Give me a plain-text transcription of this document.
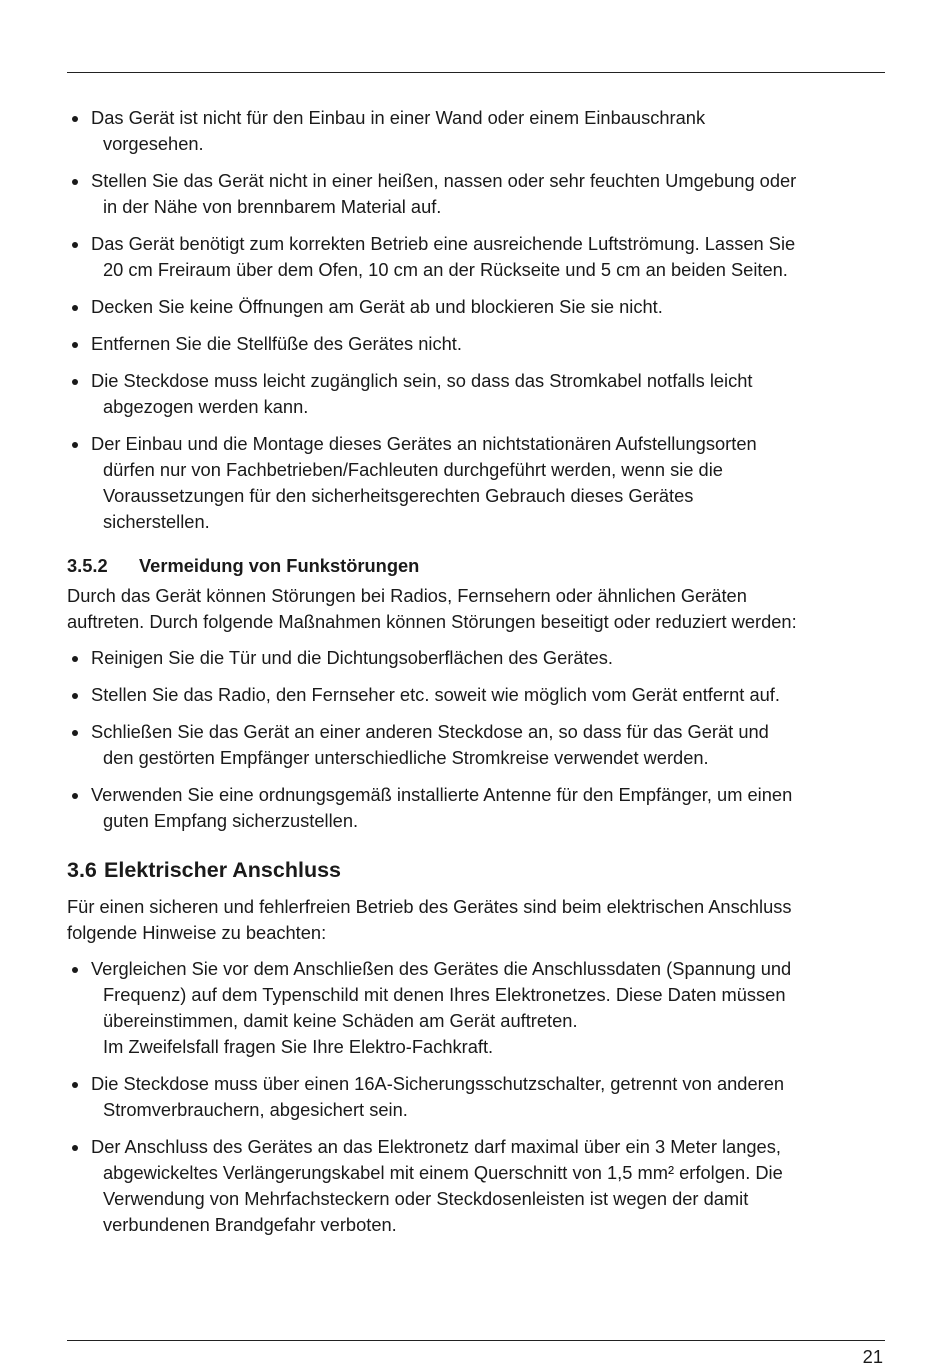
Das Gerät ist nicht für den Einbau in einer Wand oder einem Einbauschrank
vorgesehen.
Stellen Sie das Gerät nicht in einer heißen, nassen oder sehr feuchten Umgebung oder
in der Nähe von brennbarem Material auf.
Das Gerät benötigt zum korrekten Betrieb eine ausreichende Luftströmung. Lassen Sie
20 cm Freiraum über dem Ofen, 10 cm an der Rückseite und 5 cm an beiden Seiten.
Decken Sie keine Öffnungen am Gerät ab und blockieren Sie sie nicht.
Entfernen Sie die Stellfüße des Gerätes nicht.
Die Steckdose muss leicht zugänglich sein, so dass das Stromkabel notfalls leicht
abgezogen werden kann.
Der Einbau und die Montage dieses Gerätes an nichtstationären Aufstellungsorten
dürfen nur von Fachbetrieben/Fachleuten durchgeführt werden, wenn sie die
Voraussetzungen für den sicherheitsgerechten Gebrauch dieses Gerätes
sicherstellen.
3.5.2 Vermeidung von Funkstörungen

Durch das Gerät können Störungen bei Radios, Fernsehern oder ähnlichen Geräten
auftreten. Durch folgende Maßnahmen können Störungen beseitigt oder reduziert werden:

Reinigen Sie die Tür und die Dichtungsoberflächen des Gerätes.
Stellen Sie das Radio, den Fernseher etc. soweit wie möglich vom Gerät entfernt auf.
Schließen Sie das Gerät an einer anderen Steckdose an, so dass für das Gerät und
den gestörten Empfänger unterschiedliche Stromkreise verwendet werden.
Verwenden Sie eine ordnungsgemäß installierte Antenne für den Empfänger, um einen
guten Empfang sicherzustellen.
3.6 Elektrischer Anschluss

Für einen sicheren und fehlerfreien Betrieb des Gerätes sind beim elektrischen Anschluss
folgende Hinweise zu beachten:

Vergleichen Sie vor dem Anschließen des Gerätes die Anschlussdaten (Spannung und
Frequenz) auf dem Typenschild mit denen Ihres Elektronetzes. Diese Daten müssen
übereinstimmen, damit keine Schäden am Gerät auftreten.
Im Zweifelsfall fragen Sie Ihre Elektro-Fachkraft.
Die Steckdose muss über einen 16A-Sicherungsschutzschalter, getrennt von anderen
Stromverbrauchern, abgesichert sein.
Der Anschluss des Gerätes an das Elektronetz darf maximal über ein 3 Meter langes,
abgewickeltes Verlängerungskabel mit einem Querschnitt von 1,5 mm² erfolgen. Die
Verwendung von Mehrfachsteckern oder Steckdosenleisten ist wegen der damit
verbundenen Brandgefahr verboten.
21
